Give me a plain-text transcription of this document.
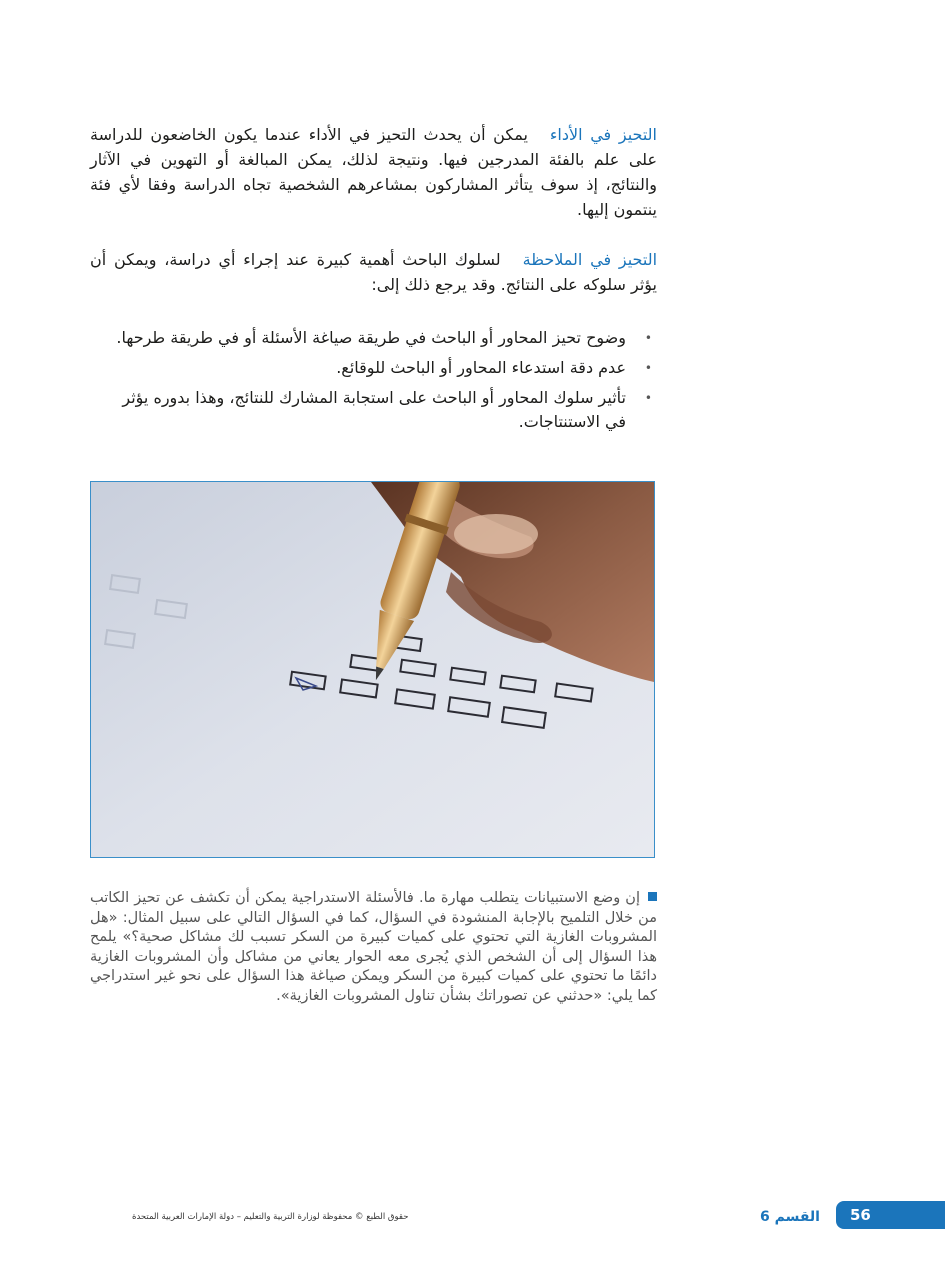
التحيز في الأداءيمكن أن يحدث التحيز في الأداء عندما يكون الخاضعون للدراسة على علم بالفئة المدرجين فيها. ونتيجة لذلك، يمكن المبالغة أو التهوين في الآثار والنتائج، إذ سوف يتأثر المشاركون بمشاعرهم الشخصية تجاه الدراسة وفقا لأي فئة ينتمون إليها.

التحيز في الملاحظةلسلوك الباحث أهمية كبيرة عند إجراء أي دراسة، ويمكن أن يؤثر سلوكه على النتائج. وقد يرجع ذلك إلى:

•
وضوح تحيز المحاور أو الباحث في طريقة صياغة الأسئلة أو في طريقة طرحها.
•
عدم دقة استدعاء المحاور أو الباحث للوقائع.
•
تأثير سلوك المحاور أو الباحث على استجابة المشارك للنتائج، وهذا بدوره يؤثر في الاستنتاجات.

إن وضع الاستبيانات يتطلب مهارة ما. فالأسئلة الاستدراجية يمكن أن تكشف عن تحيز الكاتب من خلال التلميح بالإجابة المنشودة في السؤال، كما في السؤال التالي على سبيل المثال: «هل المشروبات الغازية التي تحتوي على كميات كبيرة من السكر تسبب لك مشاكل صحية؟» يلمح هذا السؤال إلى أن الشخص الذي يُجرى معه الحوار يعاني من مشاكل وأن المشروبات الغازية دائمًا ما تحتوي على كميات كبيرة من السكر ويمكن صياغة هذا السؤال على نحو غير استدراجي كما يلي: «حدثني عن تصوراتك بشأن تناول المشروبات الغازية».

حقوق الطبع © محفوظة لوزارة التربية والتعليم – دولة الإمارات العربية المتحدة	القسم 6 56
